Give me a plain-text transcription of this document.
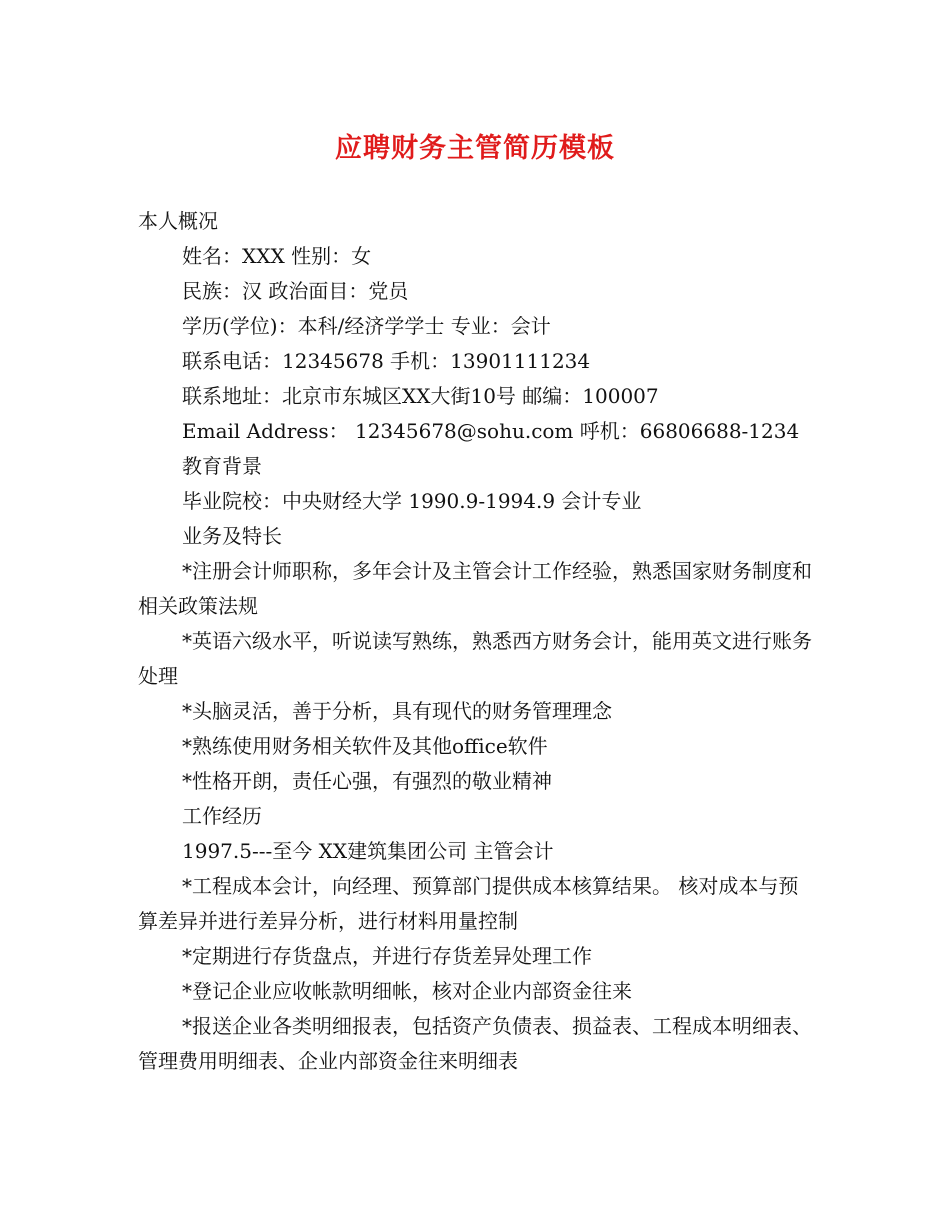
应聘财务主管简历模板
本人概况
姓名：XXX 性别：女
民族：汉 政治面目：党员
学历(学位)：本科/经济学学士 专业：会计
联系电话：12345678 手机：13901111234
联系地址：北京市东城区XX大街10号 邮编：100007
Email Address： 12345678@sohu.com 呼机：66806688-1234
教育背景
毕业院校：中央财经大学 1990.9-1994.9 会计专业
业务及特长
*注册会计师职称，多年会计及主管会计工作经验，熟悉国家财务制度和相关政策法规
*英语六级水平，听说读写熟练，熟悉西方财务会计，能用英文进行账务处理
*头脑灵活，善于分析，具有现代的财务管理理念
*熟练使用财务相关软件及其他office软件
*性格开朗，责任心强，有强烈的敬业精神
工作经历
1997.5---至今 XX建筑集团公司 主管会计
*工程成本会计，向经理、预算部门提供成本核算结果。 核对成本与预算差异并进行差异分析，进行材料用量控制
*定期进行存货盘点，并进行存货差异处理工作
*登记企业应收帐款明细帐，核对企业内部资金往来
*报送企业各类明细报表，包括资产负债表、损益表、工程成本明细表、管理费用明细表、企业内部资金往来明细表
